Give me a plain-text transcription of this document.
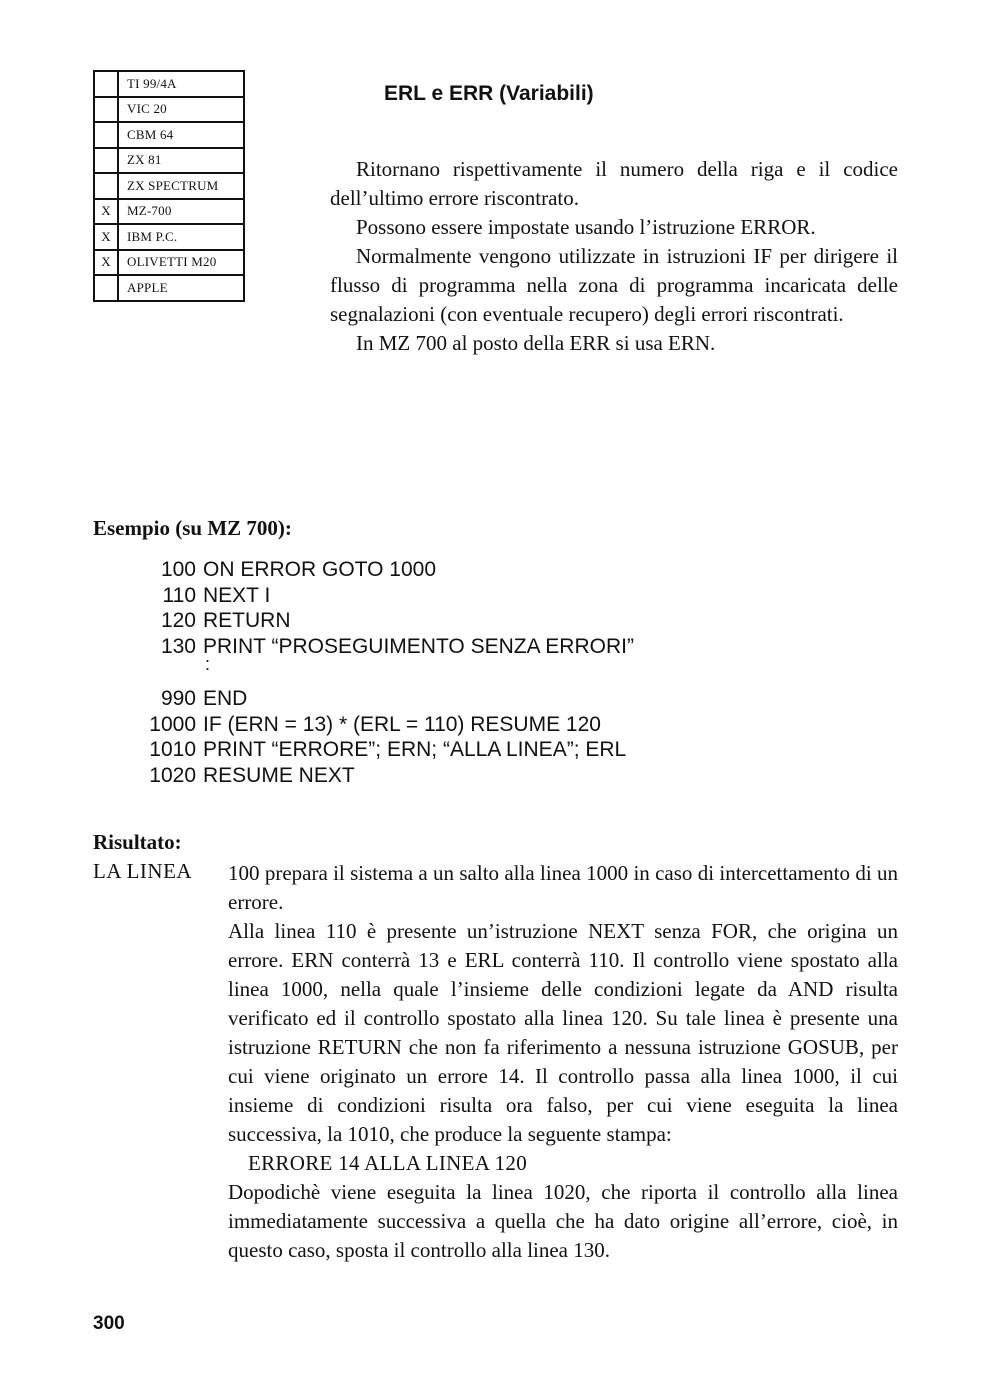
	TI 99/4A
	VIC 20
	CBM 64
	ZX 81
	ZX SPECTRUM
X	MZ-700
X	IBM P.C.
X	OLIVETTI M20
	APPLE
ERL e ERR (Variabili)

Ritornano rispettivamente il numero della riga e il codice dell’ultimo errore riscontrato.

Possono essere impostate usando l’istruzione ERROR.

Normalmente vengono utilizzate in istruzioni IF per dirigere il flusso di programma nella zona di programma incaricata delle segnalazioni (con eventuale recupero) degli errori riscontrati.

In MZ 700 al posto della ERR si usa ERN.

Esempio (su MZ 700):
100 ON ERROR GOTO 1000
110 NEXT I
120 RETURN
130 PRINT “PROSEGUIMENTO SENZA ERRORI”
:
990 END
1000 IF (ERN = 13) * (ERL = 110) RESUME 120
1010 PRINT “ERRORE”; ERN; “ALLA LINEA”; ERL
1020 RESUME NEXT
Risultato:
LA LINEA 100 prepara il sistema a un salto alla linea 1000 in caso di intercettamento di un errore.

Alla linea 110 è presente un’istruzione NEXT senza FOR, che origina un errore. ERN conterrà 13 e ERL conterrà 110. Il controllo viene spostato alla linea 1000, nella quale l’insieme delle condizioni legate da AND risulta verificato ed il controllo spostato alla linea 120. Su tale linea è presente una istruzione RETURN che non fa riferimento a nessuna istruzione GOSUB, per cui viene originato un errore 14. Il controllo passa alla linea 1000, il cui insieme di condizioni risulta ora falso, per cui viene eseguita la linea successiva, la 1010, che produce la seguente stampa:

ERRORE 14 ALLA LINEA 120

Dopodichè viene eseguita la linea 1020, che riporta il controllo alla linea immediatamente successiva a quella che ha dato origine all’errore, cioè, in questo caso, sposta il controllo alla linea 130.

300
